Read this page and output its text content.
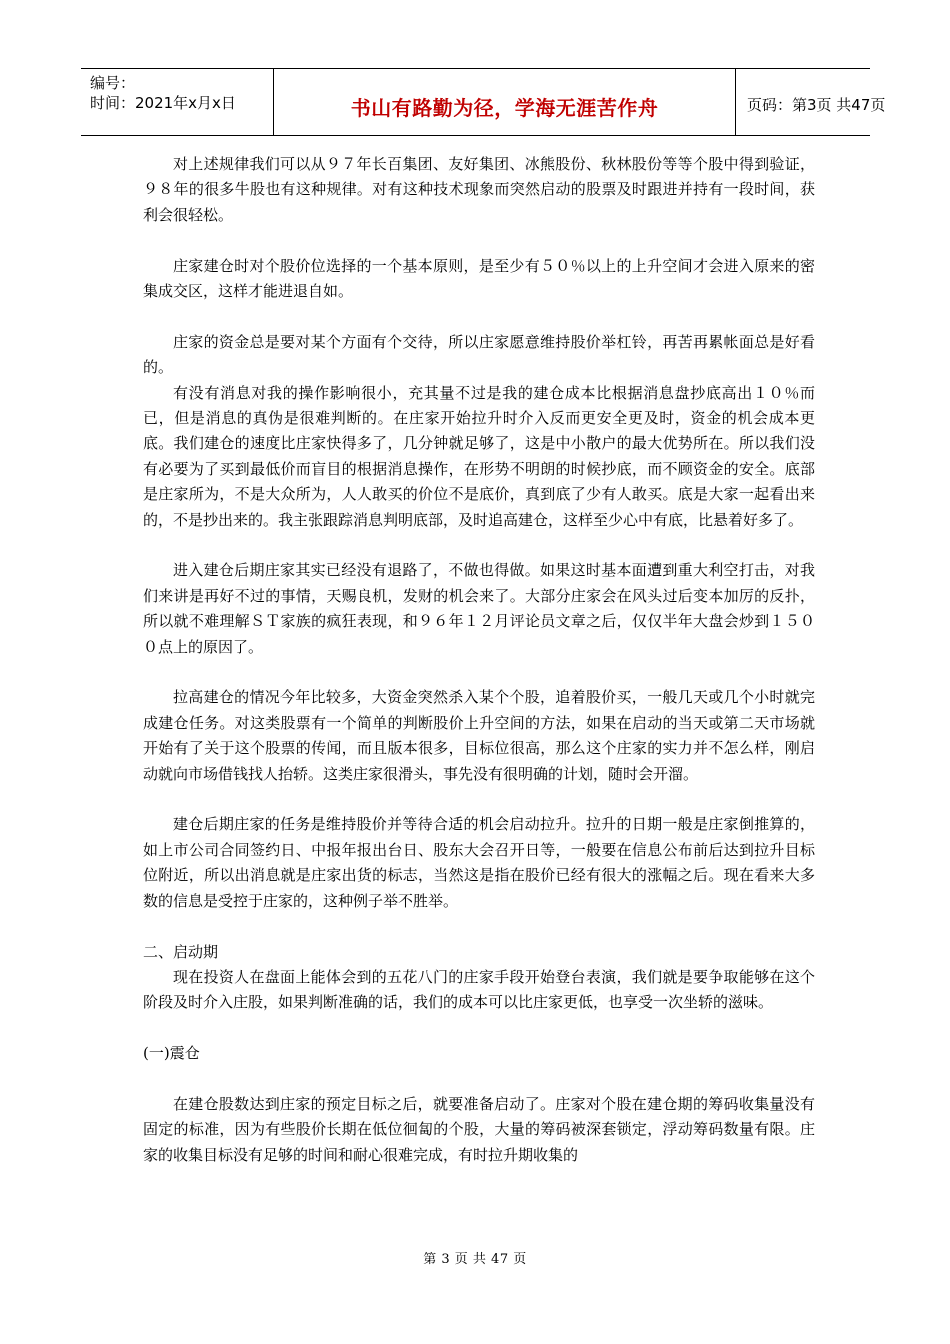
编号：
时间：2021年x月x日	书山有路勤为径，学海无涯苦作舟	页码：第3页 共47页

对上述规律我们可以从９７年长百集团、友好集团、冰熊股份、秋林股份等等个股中得到验证，９８年的很多牛股也有这种规律。对有这种技术现象而突然启动的股票及时跟进并持有一段时间，获利会很轻松。

庄家建仓时对个股价位选择的一个基本原则，是至少有５０％以上的上升空间才会进入原来的密集成交区，这样才能进退自如。

庄家的资金总是要对某个方面有个交待，所以庄家愿意维持股价举杠铃，再苦再累帐面总是好看的。

有没有消息对我的操作影响很小，充其量不过是我的建仓成本比根据消息盘抄底高出１０％而已，但是消息的真伪是很难判断的。在庄家开始拉升时介入反而更安全更及时，资金的机会成本更底。我们建仓的速度比庄家快得多了，几分钟就足够了，这是中小散户的最大优势所在。所以我们没有必要为了买到最低价而盲目的根据消息操作，在形势不明朗的时候抄底，而不顾资金的安全。底部是庄家所为，不是大众所为，人人敢买的价位不是底价，真到底了少有人敢买。底是大家一起看出来的，不是抄出来的。我主张跟踪消息判明底部，及时追高建仓，这样至少心中有底，比悬着好多了。

进入建仓后期庄家其实已经没有退路了，不做也得做。如果这时基本面遭到重大利空打击，对我们来讲是再好不过的事情，天赐良机，发财的机会来了。大部分庄家会在风头过后变本加厉的反扑，所以就不难理解ＳＴ家族的疯狂表现，和９６年１２月评论员文章之后，仅仅半年大盘会炒到１５００点上的原因了。

拉高建仓的情况今年比较多，大资金突然杀入某个个股，追着股价买，一般几天或几个小时就完成建仓任务。对这类股票有一个简单的判断股价上升空间的方法，如果在启动的当天或第二天市场就开始有了关于这个股票的传闻，而且版本很多，目标位很高，那么这个庄家的实力并不怎么样，刚启动就向市场借钱找人抬轿。这类庄家很滑头，事先没有很明确的计划，随时会开溜。

建仓后期庄家的任务是维持股价并等待合适的机会启动拉升。拉升的日期一般是庄家倒推算的，如上市公司合同签约日、中报年报出台日、股东大会召开日等，一般要在信息公布前后达到拉升目标位附近，所以出消息就是庄家出货的标志，当然这是指在股价已经有很大的涨幅之后。现在看来大多数的信息是受控于庄家的，这种例子举不胜举。

二、启动期

现在投资人在盘面上能体会到的五花八门的庄家手段开始登台表演，我们就是要争取能够在这个阶段及时介入庄股，如果判断准确的话，我们的成本可以比庄家更低，也享受一次坐轿的滋味。

(一)震仓

在建仓股数达到庄家的预定目标之后，就要准备启动了。庄家对个股在建仓期的筹码收集量没有固定的标准，因为有些股价长期在低位徊匐的个股，大量的筹码被深套锁定，浮动筹码数量有限。庄家的收集目标没有足够的时间和耐心很难完成，有时拉升期收集的

第 3 页 共 47 页
